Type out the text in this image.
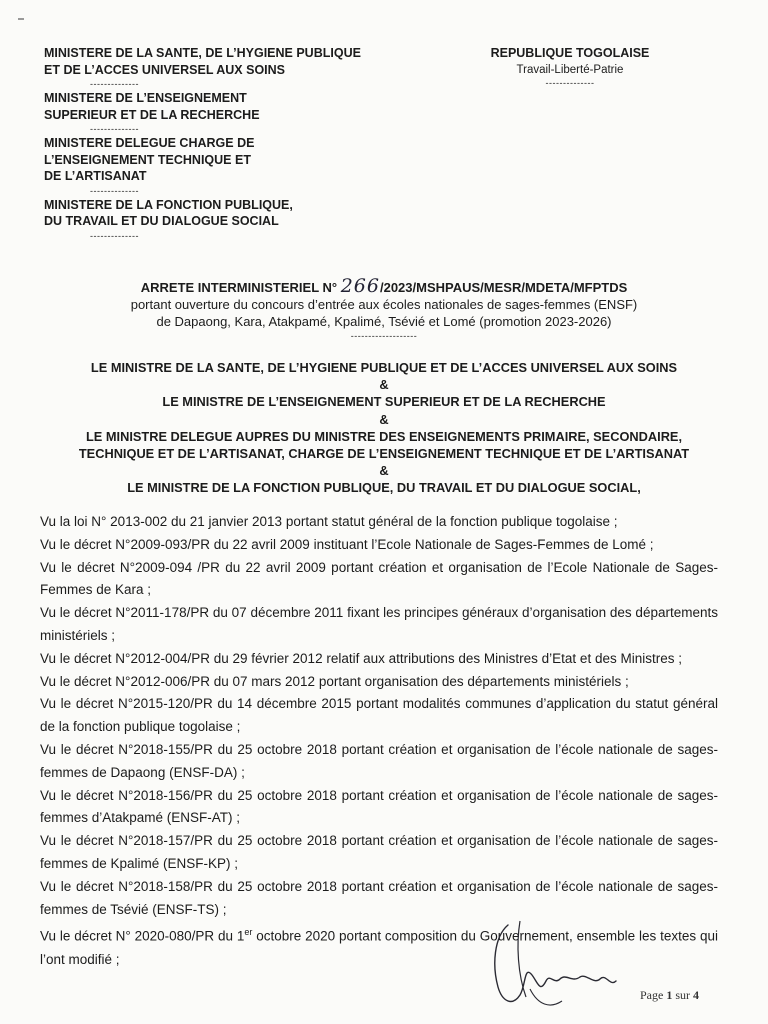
MINISTERE DE LA SANTE, DE L’HYGIENE PUBLIQUE
ET DE L’ACCES UNIVERSEL AUX SOINS
--------------
MINISTERE DE L’ENSEIGNEMENT
SUPERIEUR ET DE LA RECHERCHE
--------------
MINISTERE DELEGUE CHARGE DE
L’ENSEIGNEMENT TECHNIQUE ET
DE L’ARTISANAT
--------------
MINISTERE DE LA FONCTION PUBLIQUE,
DU TRAVAIL ET DU DIALOGUE SOCIAL
--------------
REPUBLIQUE TOGOLAISE
Travail-Liberté-Patrie
--------------
ARRETE INTERMINISTERIEL N° 266/2023/MSHPAUS/MESR/MDETA/MFPTDS
portant ouverture du concours d’entrée aux écoles nationales de sages-femmes (ENSF)
de Dapaong, Kara, Atakpamé, Kpalimé, Tsévié et Lomé (promotion 2023-2026)
-------------------
LE MINISTRE DE LA SANTE, DE L’HYGIENE PUBLIQUE ET DE L’ACCES UNIVERSEL AUX SOINS
&
LE MINISTRE DE L’ENSEIGNEMENT SUPERIEUR ET DE LA RECHERCHE
&
LE MINISTRE DELEGUE AUPRES DU MINISTRE DES ENSEIGNEMENTS PRIMAIRE, SECONDAIRE,
TECHNIQUE ET DE L’ARTISANAT, CHARGE DE L’ENSEIGNEMENT TECHNIQUE ET DE L’ARTISANAT
&
LE MINISTRE DE LA FONCTION PUBLIQUE, DU TRAVAIL ET DU DIALOGUE SOCIAL,

Vu la loi N° 2013-002 du 21 janvier 2013 portant statut général de la fonction publique togolaise ;

Vu le décret N°2009-093/PR du 22 avril 2009 instituant l’Ecole Nationale de Sages-Femmes de Lomé ;

Vu le décret N°2009-094 /PR du 22 avril 2009 portant création et organisation de l’Ecole Nationale de Sages-Femmes de Kara ;

Vu le décret N°2011-178/PR du 07 décembre 2011 fixant les principes généraux d’organisation des départements ministériels ;

Vu le décret N°2012-004/PR du 29 février 2012 relatif aux attributions des Ministres d’Etat et des Ministres ;

Vu le décret N°2012-006/PR du 07 mars 2012 portant organisation des départements ministériels ;

Vu le décret N°2015-120/PR du 14 décembre 2015 portant modalités communes d’application du statut général de la fonction publique togolaise ;

Vu le décret N°2018-155/PR du 25 octobre 2018 portant création et organisation de l’école nationale de sages-femmes de Dapaong (ENSF-DA) ;

Vu le décret N°2018-156/PR du 25 octobre 2018 portant création et organisation de l’école nationale de sages-femmes d’Atakpamé (ENSF-AT) ;

Vu le décret N°2018-157/PR du 25 octobre 2018 portant création et organisation de l’école nationale de sages-femmes de Kpalimé (ENSF-KP) ;

Vu le décret N°2018-158/PR du 25 octobre 2018 portant création et organisation de l’école nationale de sages-femmes de Tsévié (ENSF-TS) ;

Vu le décret N° 2020-080/PR du 1er octobre 2020 portant composition du Gouvernement, ensemble les textes qui l’ont modifié ;

Page 1 sur 4
